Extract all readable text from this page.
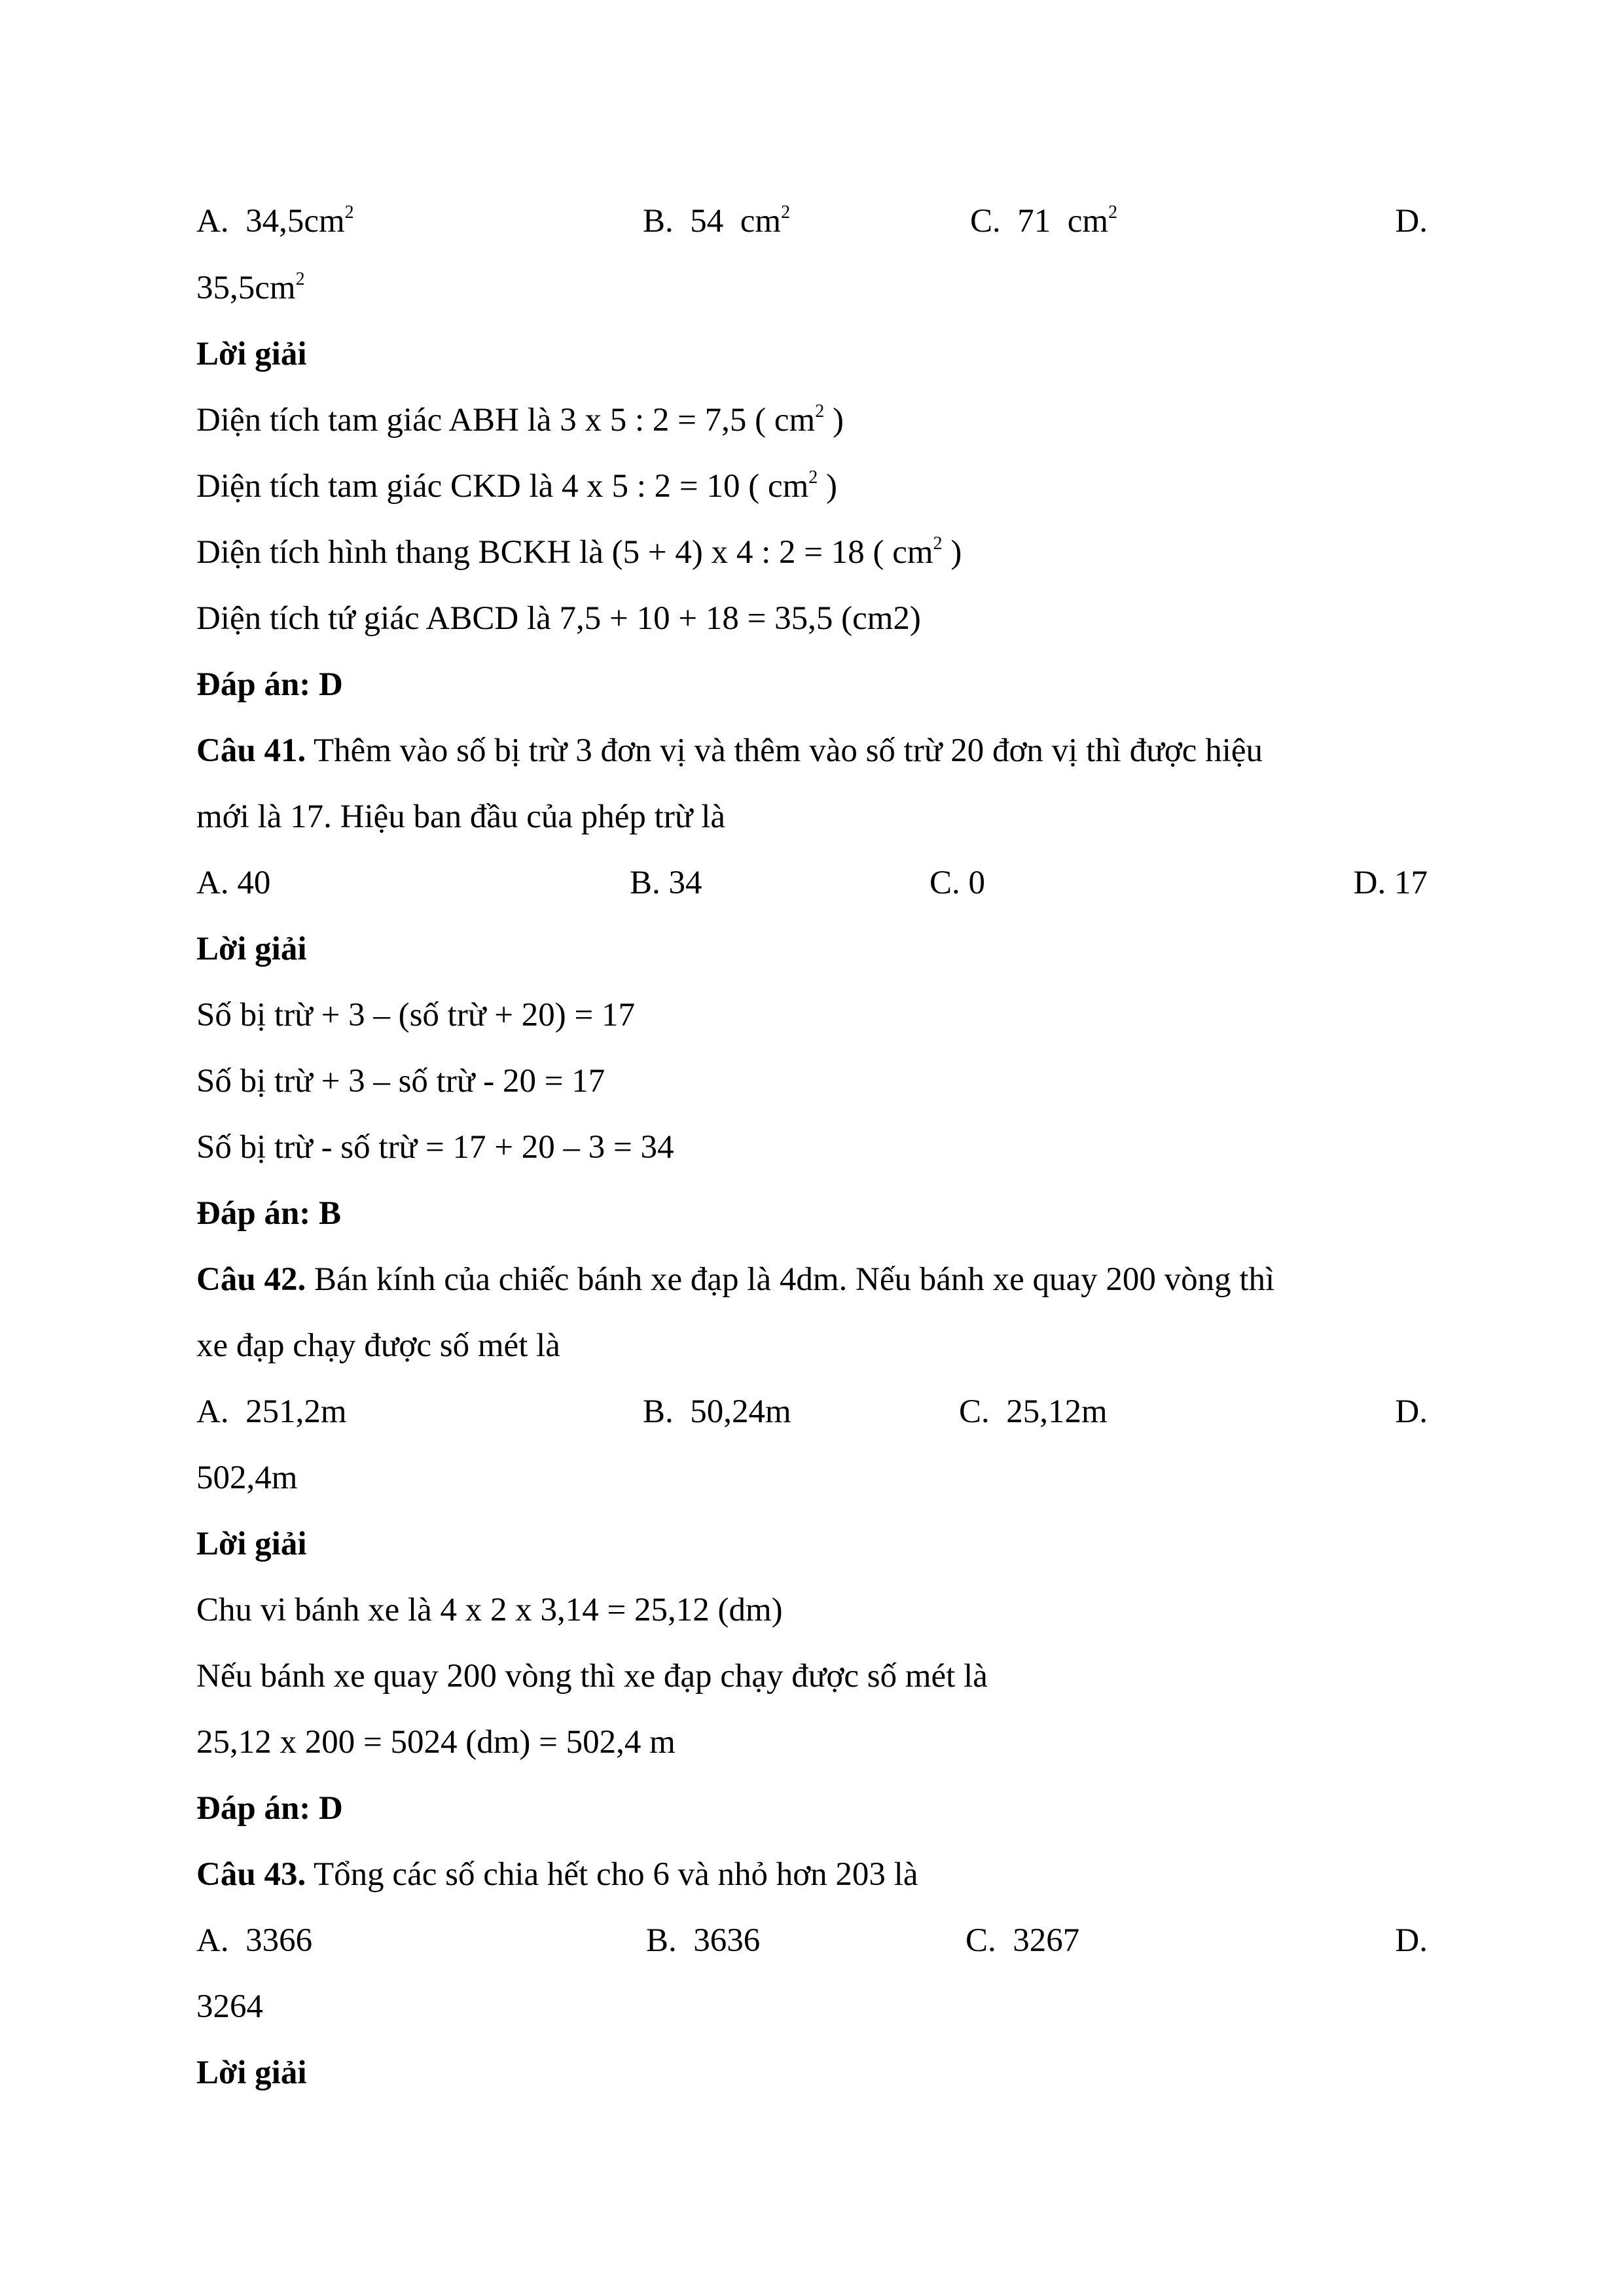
A. $34,5cm^2$	B. 54 $cm^2$	C. 71 $cm^2$	D.
$35,5cm^2$
Lời giải
Diện tích tam giác ABH là 3 x 5 : 2 = 7,5 ( $cm^2$ )
Diện tích tam giác CKD là 4 x 5 : 2 = 10 ( $cm^2$ )
Diện tích hình thang BCKH là (5 + 4) x 4 : 2 = 18 ( $cm^2$ )
Diện tích tứ giác ABCD là 7,5 + 10 + 18 = 35,5 (cm2)
Đáp án: D
Câu 41. Thêm vào số bị trừ 3 đơn vị và thêm vào số trừ 20 đơn vị thì được hiệu
mới là 17. Hiệu ban đầu của phép trừ là
A. 40	B. 34	C. 0	D. 17
Lời giải
Số bị trừ + 3 – (số trừ + 20) = 17
Số bị trừ + 3 – số trừ - 20 = 17
Số bị trừ - số trừ = 17 + 20 – 3 = 34
Đáp án: B
Câu 42. Bán kính của chiếc bánh xe đạp là 4dm. Nếu bánh xe quay 200 vòng thì
xe đạp chạy được số mét là
A. 251,2m	B. 50,24m	C. 25,12m	D.
502,4m
Lời giải
Chu vi bánh xe là 4 x 2 x 3,14 = 25,12 (dm)
Nếu bánh xe quay 200 vòng thì xe đạp chạy được số mét là
25,12 x 200 = 5024 (dm) = 502,4 m
Đáp án: D
Câu 43. Tổng các số chia hết cho 6 và nhỏ hơn 203 là
A. 3366	B. 3636	C. 3267	D.
3264
Lời giải
